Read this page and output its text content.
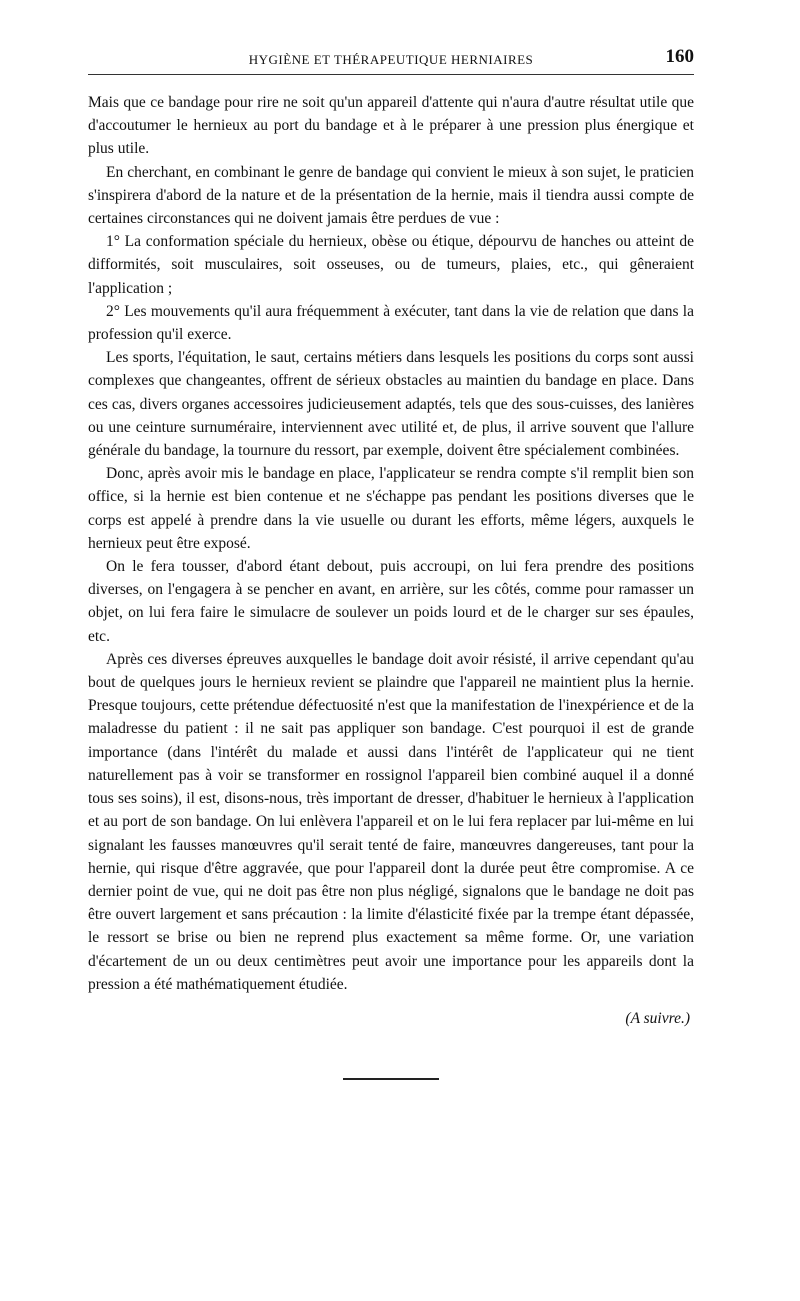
HYGIÈNE ET THÉRAPEUTIQUE HERNIAIRES	160

Mais que ce bandage pour rire ne soit qu'un appareil d'attente qui n'aura d'autre résultat utile que d'accoutumer le hernieux au port du bandage et à le préparer à une pression plus énergique et plus utile.

En cherchant, en combinant le genre de bandage qui convient le mieux à son sujet, le praticien s'inspirera d'abord de la nature et de la présentation de la hernie, mais il tiendra aussi compte de certaines circonstances qui ne doivent jamais être perdues de vue :

1° La conformation spéciale du hernieux, obèse ou étique, dépourvu de hanches ou atteint de difformités, soit musculaires, soit osseuses, ou de tumeurs, plaies, etc., qui gêneraient l'application ;

2° Les mouvements qu'il aura fréquemment à exécuter, tant dans la vie de relation que dans la profession qu'il exerce.

Les sports, l'équitation, le saut, certains métiers dans lesquels les positions du corps sont aussi complexes que changeantes, offrent de sérieux obstacles au maintien du bandage en place. Dans ces cas, divers organes accessoires judicieusement adaptés, tels que des sous-cuisses, des lanières ou une ceinture surnuméraire, interviennent avec utilité et, de plus, il arrive souvent que l'allure générale du bandage, la tournure du ressort, par exemple, doivent être spécialement combinées.

Donc, après avoir mis le bandage en place, l'applicateur se rendra compte s'il remplit bien son office, si la hernie est bien contenue et ne s'échappe pas pendant les positions diverses que le corps est appelé à prendre dans la vie usuelle ou durant les efforts, même légers, auxquels le hernieux peut être exposé.

On le fera tousser, d'abord étant debout, puis accroupi, on lui fera prendre des positions diverses, on l'engagera à se pencher en avant, en arrière, sur les côtés, comme pour ramasser un objet, on lui fera faire le simulacre de soulever un poids lourd et de le charger sur ses épaules, etc.

Après ces diverses épreuves auxquelles le bandage doit avoir résisté, il arrive cependant qu'au bout de quelques jours le hernieux revient se plaindre que l'appareil ne maintient plus la hernie. Presque toujours, cette prétendue défectuosité n'est que la manifestation de l'inexpérience et de la maladresse du patient : il ne sait pas appliquer son bandage. C'est pourquoi il est de grande importance (dans l'intérêt du malade et aussi dans l'intérêt de l'applicateur qui ne tient naturellement pas à voir se transformer en rossignol l'appareil bien combiné auquel il a donné tous ses soins), il est, disons-nous, très important de dresser, d'habituer le hernieux à l'application et au port de son bandage. On lui enlèvera l'appareil et on le lui fera replacer par lui-même en lui signalant les fausses manœuvres qu'il serait tenté de faire, manœuvres dangereuses, tant pour la hernie, qui risque d'être aggravée, que pour l'appareil dont la durée peut être compromise. A ce dernier point de vue, qui ne doit pas être non plus négligé, signalons que le bandage ne doit pas être ouvert largement et sans précaution : la limite d'élasticité fixée par la trempe étant dépassée, le ressort se brise ou bien ne reprend plus exactement sa même forme. Or, une variation d'écartement de un ou deux centimètres peut avoir une importance pour les appareils dont la pression a été mathématiquement étudiée.

(A suivre.)
